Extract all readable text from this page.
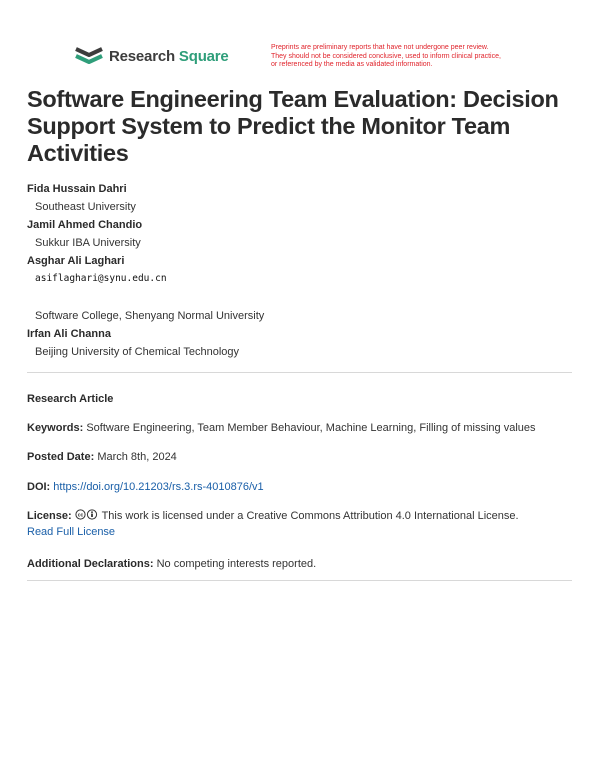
Research Square	Preprints are preliminary reports that have not undergone peer review.
They should not be considered conclusive, used to inform clinical practice,
or referenced by the media as validated information.
Software Engineering Team Evaluation: Decision Support System to Predict the Monitor Team Activities
Fida Hussain Dahri
Southeast University
Jamil Ahmed Chandio
Sukkur IBA University
Asghar Ali Laghari
asiflaghari@synu.edu.cn
Software College, Shenyang Normal University
Irfan Ali Channa
Beijing University of Chemical Technology
Research Article
Keywords: Software Engineering, Team Member Behaviour, Machine Learning, Filling of missing values
Posted Date: March 8th, 2024
DOI: https://doi.org/10.21203/rs.3.rs-4010876/v1
License: cc This work is licensed under a Creative Commons Attribution 4.0 International License.
Read Full License
Additional Declarations: No competing interests reported.
